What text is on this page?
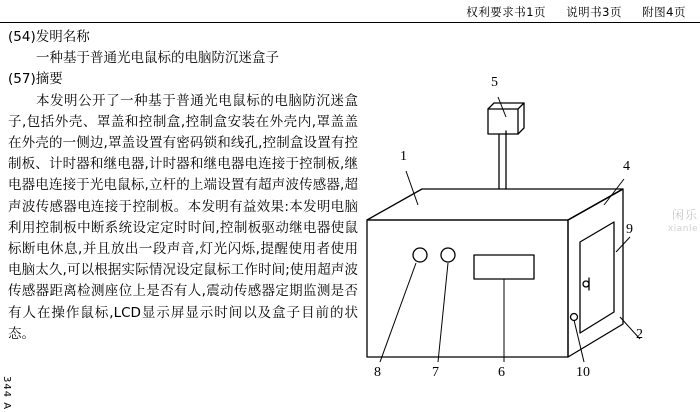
权利要求书1页 说明书3页 附图4页
(54)发明名称
一种基于普通光电鼠标的电脑防沉迷盒子
(57)摘要

本发明公开了一种基于普通光电鼠标的电脑防沉迷盒子,包括外壳、罩盖和控制盒,控制盒安装在外壳内,罩盖盖在外壳的一侧边,罩盖设置有密码锁和线孔,控制盒设置有控制板、计时器和继电器,计时器和继电器电连接于控制板,继电器电连接于光电鼠标,立杆的上端设置有超声波传感器,超声波传感器电连接于控制板。本发明有益效果:本发明电脑利用控制板中断系统设定定时时间,控制板驱动继电器使鼠标断电休息,并且放出一段声音,灯光闪烁,提醒使用者使用电脑太久,可以根据实际情况设定鼠标工作时间;使用超声波传感器距离检测座位上是否有人,震动传感器定期监测是否有人在操作鼠标,LCD显示屏显示时间以及盒子目前的状态。

344 A
1
2
4
5
6
7
8
9
10
闲乐
xianle
